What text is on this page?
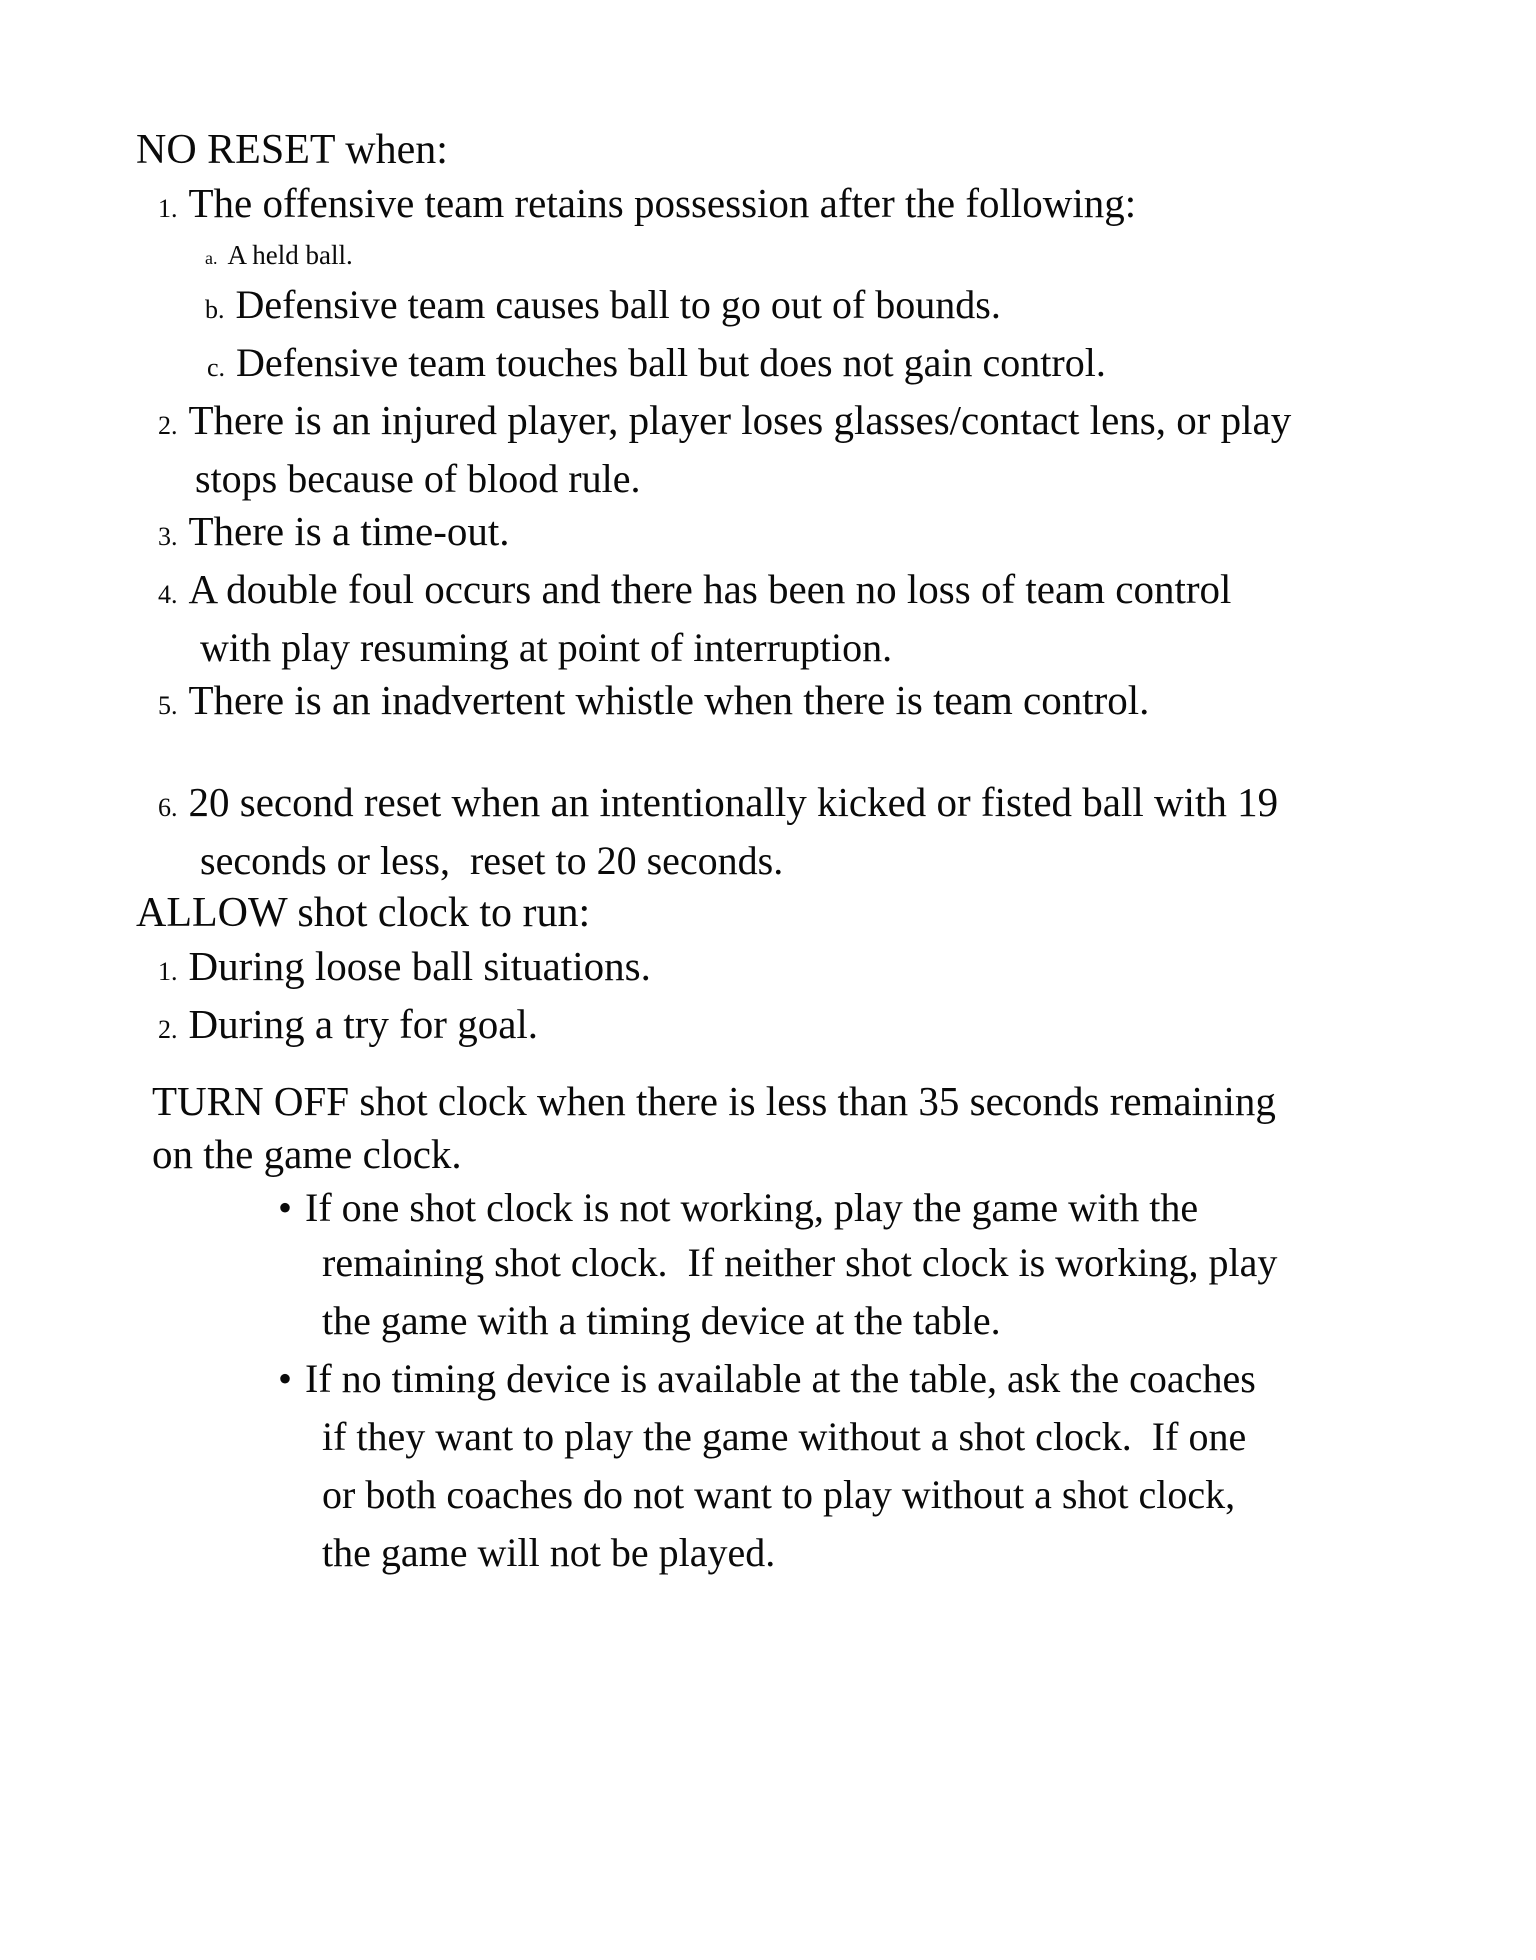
NO RESET when:
1. The offensive team retains possession after the following:
a. A held ball.
b. Defensive team causes ball to go out of bounds.
c. Defensive team touches ball but does not gain control.
2. There is an injured player, player loses glasses/contact lens, or play
stops because of blood rule.
3. There is a time-out.
4. A double foul occurs and there has been no loss of team control
with play resuming at point of interruption.
5. There is an inadvertent whistle when there is team control.
6. 20 second reset when an intentionally kicked or fisted ball with 19
seconds or less,  reset to 20 seconds.
ALLOW shot clock to run:
1. During loose ball situations.
2. During a try for goal.
TURN OFF shot clock when there is less than 35 seconds remaining
on the game clock.
• If one shot clock is not working, play the game with the
remaining shot clock.  If neither shot clock is working, play
the game with a timing device at the table.
• If no timing device is available at the table, ask the coaches
if they want to play the game without a shot clock.  If one
or both coaches do not want to play without a shot clock,
the game will not be played.
